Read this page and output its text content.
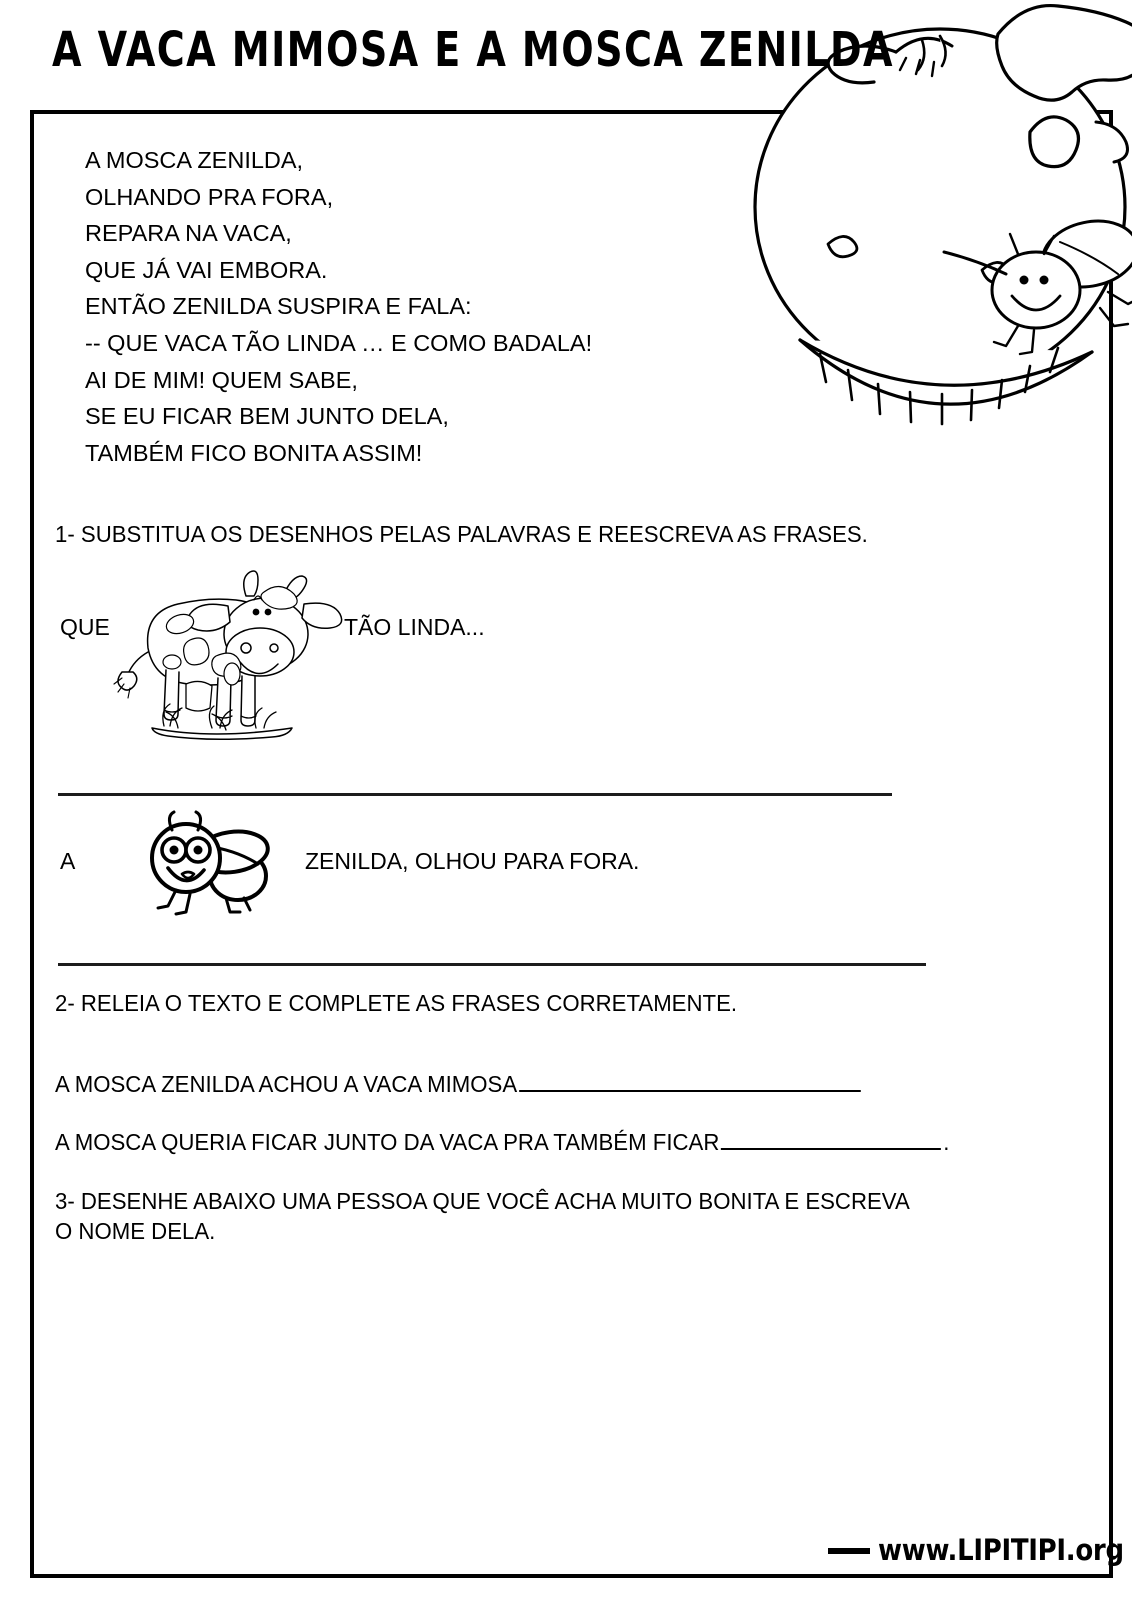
A VACA MIMOSA E A MOSCA ZENILDA
A MOSCA ZENILDA,
OLHANDO PRA FORA,
REPARA NA VACA,
QUE JÁ VAI EMBORA.
ENTÃO ZENILDA SUSPIRA E FALA:
-- QUE VACA TÃO LINDA … E COMO BADALA!
AI DE MIM! QUEM SABE,
SE EU FICAR BEM JUNTO DELA,
TAMBÉM FICO BONITA ASSIM!
1- SUBSTITUA OS DESENHOS PELAS PALAVRAS E REESCREVA AS FRASES.
QUE	TÃO LINDA...
A	ZENILDA, OLHOU PARA FORA.
2- RELEIA O TEXTO E COMPLETE AS FRASES CORRETAMENTE.
A MOSCA ZENILDA ACHOU A VACA MIMOSA
A MOSCA QUERIA FICAR JUNTO DA VACA PRA TAMBÉM FICAR	.
3- DESENHE ABAIXO UMA PESSOA QUE VOCÊ ACHA MUITO BONITA E ESCREVA
O NOME DELA.
www.LIPITIPI.org
